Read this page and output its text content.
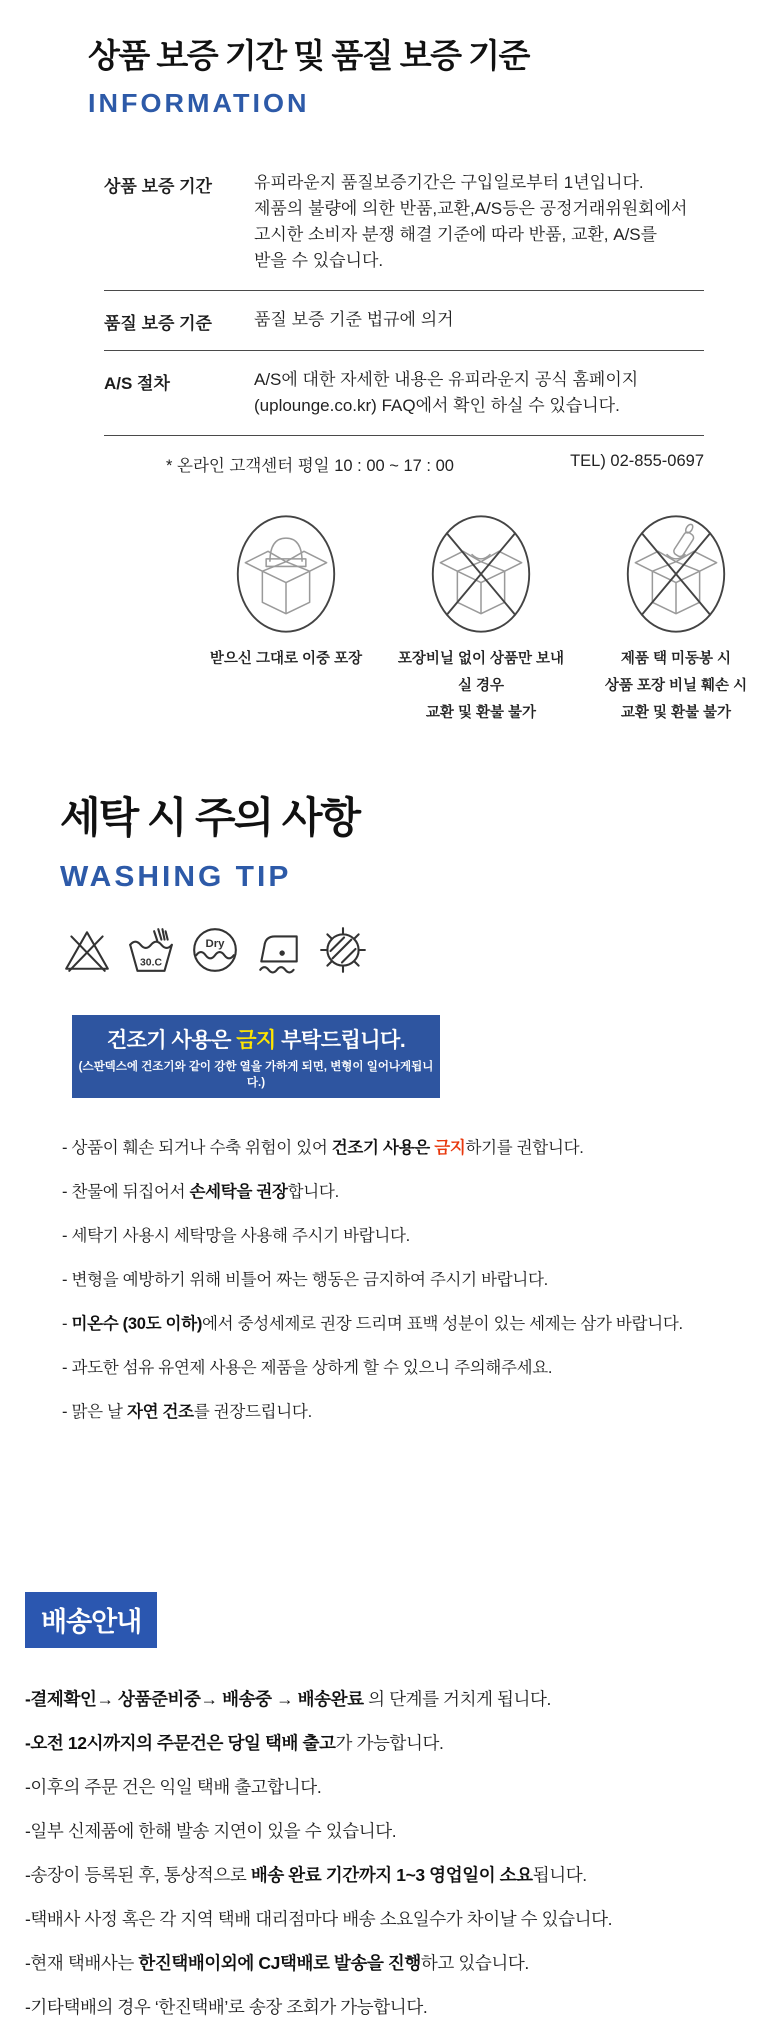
상품 보증 기간 및 품질 보증 기준
INFORMATION
상품 보증 기간	유피라운지 품질보증기간은 구입일로부터 1년입니다.
제품의 불량에 의한 반품,교환,A/S등은 공정거래위원회에서
고시한 소비자 분쟁 해결 기준에 따라 반품, 교환, A/S를
받을 수 있습니다.
품질 보증 기준	품질 보증 기준 법규에 의거
A/S 절차	A/S에 대한 자세한 내용은 유피라운지 공식 홈페이지
(uplounge.co.kr) FAQ에서 확인 하실 수 있습니다.
* 온라인 고객센터 평일 10 : 00 ~ 17 : 00	TEL) 02-855-0697
받으신 그대로 이중 포장	포장비닐 없이 상품만 보내실 경우
교환 및 환불 불가
제품 택 미동봉 시
상품 포장 비닐 훼손 시
교환 및 환불 불가
세탁 시 주의 사항
WASHING TIP
30.C
Dry
건조기 사용은 금지 부탁드립니다.
(스판덱스에 건조기와 같이 강한 열을 가하게 되면, 변형이 일어나게됩니다.)

- 상품이 훼손 되거나 수축 위험이 있어 건조기 사용은 금지하기를 권합니다.

- 찬물에 뒤집어서 손세탁을 권장합니다.

- 세탁기 사용시 세탁망을 사용해 주시기 바랍니다.

- 변형을 예방하기 위해 비틀어 짜는 행동은 금지하여 주시기 바랍니다.

- 미온수 (30도 이하)에서 중성세제로 권장 드리며 표백 성분이 있는 세제는 삼가 바랍니다.

- 과도한 섬유 유연제 사용은 제품을 상하게 할 수 있으니 주의해주세요.

- 맑은 날 자연 건조를 권장드립니다.

배송안내

-결제확인→ 상품준비중→ 배송중 → 배송완료 의 단계를 거치게 됩니다.

-오전 12시까지의 주문건은 당일 택배 출고가 가능합니다.

-이후의 주문 건은 익일 택배 출고합니다.

-일부 신제품에 한해 발송 지연이 있을 수 있습니다.

-송장이 등록된 후, 통상적으로 배송 완료 기간까지 1~3 영업일이 소요됩니다.

-택배사 사정 혹은 각 지역 택배 대리점마다 배송 소요일수가 차이날 수 있습니다.

-현재 택배사는 한진택배이외에 CJ택배로 발송을 진행하고 있습니다.

-기타택배의 경우 ‘한진택배’로 송장 조회가 가능합니다.
